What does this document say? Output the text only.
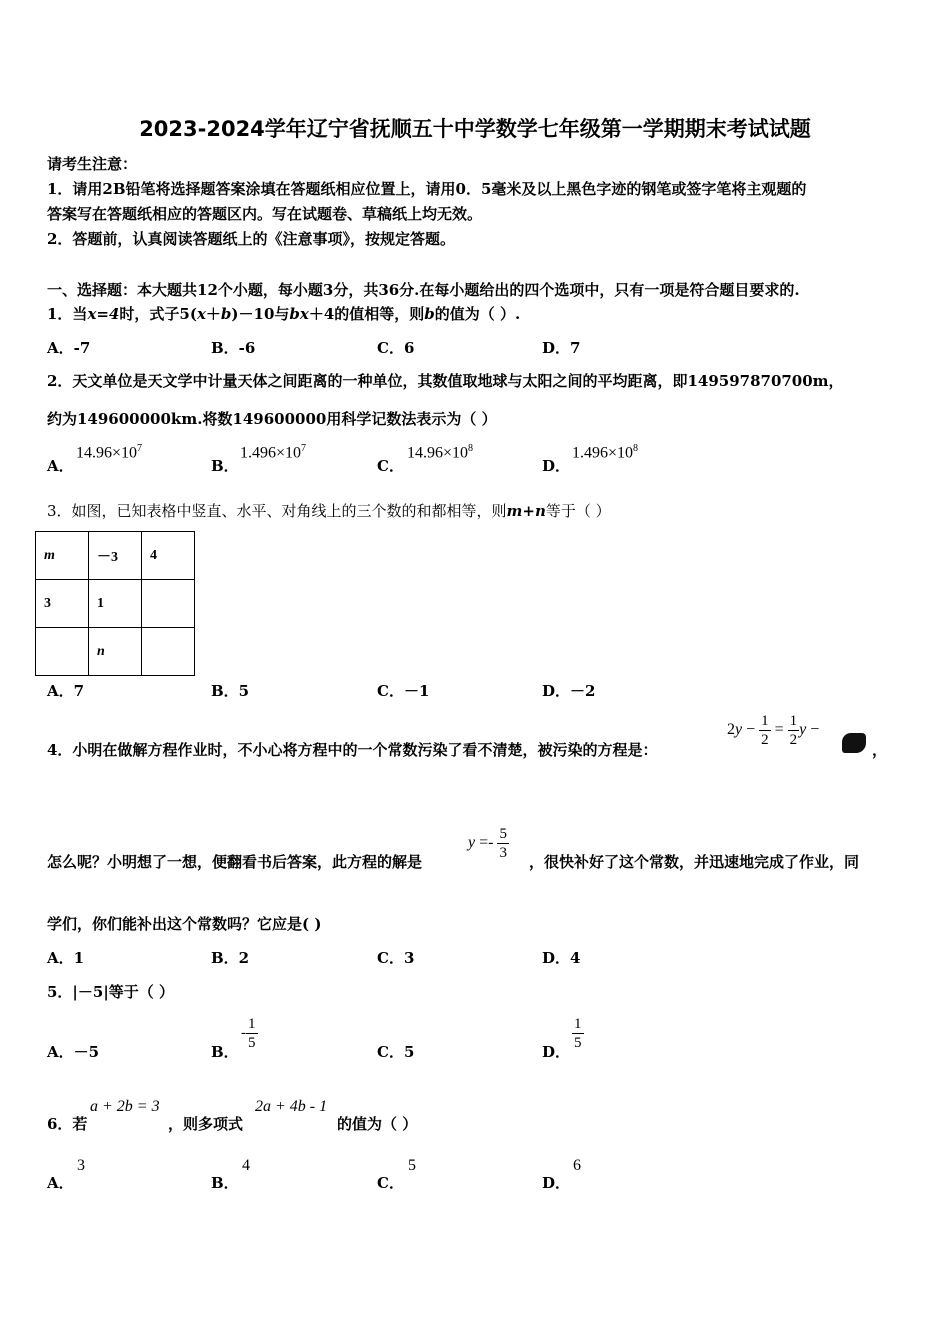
2023-2024学年辽宁省抚顺五十中学数学七年级第一学期期末考试试题
请考生注意：
1．请用2B铅笔将选择题答案涂填在答题纸相应位置上，请用0．5毫米及以上黑色字迹的钢笔或签字笔将主观题的
答案写在答题纸相应的答题区内。写在试题卷、草稿纸上均无效。
2．答题前，认真阅读答题纸上的《注意事项》，按规定答题。
一、选择题：本大题共12个小题，每小题3分，共36分.在每小题给出的四个选项中，只有一项是符合题目要求的.
1．当x=4时，式子5(x＋b)－10与bx＋4的值相等，则b的值为（ ）.
A．-7	B．-6	C．6	D．7
2．天文单位是天文学中计量天体之间距离的一种单位，其数值取地球与太阳之间的平均距离，即149597870700m，
约为149600000km.将数149600000用科学记数法表示为（ ）
A．
$14.96\times 10^7$
B．
$1.496\times 10^7$
C．
$14.96\times 10^8$
D．
$1.496\times 10^8$
3．如图，已知表格中竖直、水平、对角线上的三个数的和都相等，则m+n等于（ ）
m	－3	4
3	1	
	n	
A．7	B．5	C．－1	D．－2
4．小明在做解方程作业时，不小心将方程中的一个常数污染了看不清楚，被污染的方程是：
$2y - \frac{1}{2} = \frac{1}{2}$ y −
，
怎么呢？小明想了一想，便翻看书后答案，此方程的解是
$y =- \frac{5}{3}$ ，很快补好了这个常数，并迅速地完成了作业，同
学们，你们能补出这个常数吗？它应是( )
A．1	B．2	C．3	D．4
5．|－5|等于（ ）
A．－5	B．
- $\frac{1}{5}$	C．5	D． $\frac{1}{5}$
6．若
a + 2b = 3
，则多项式
2a + 4b - 1
的值为（ ）
A．
3
B．
4
C．
5
D．
6
